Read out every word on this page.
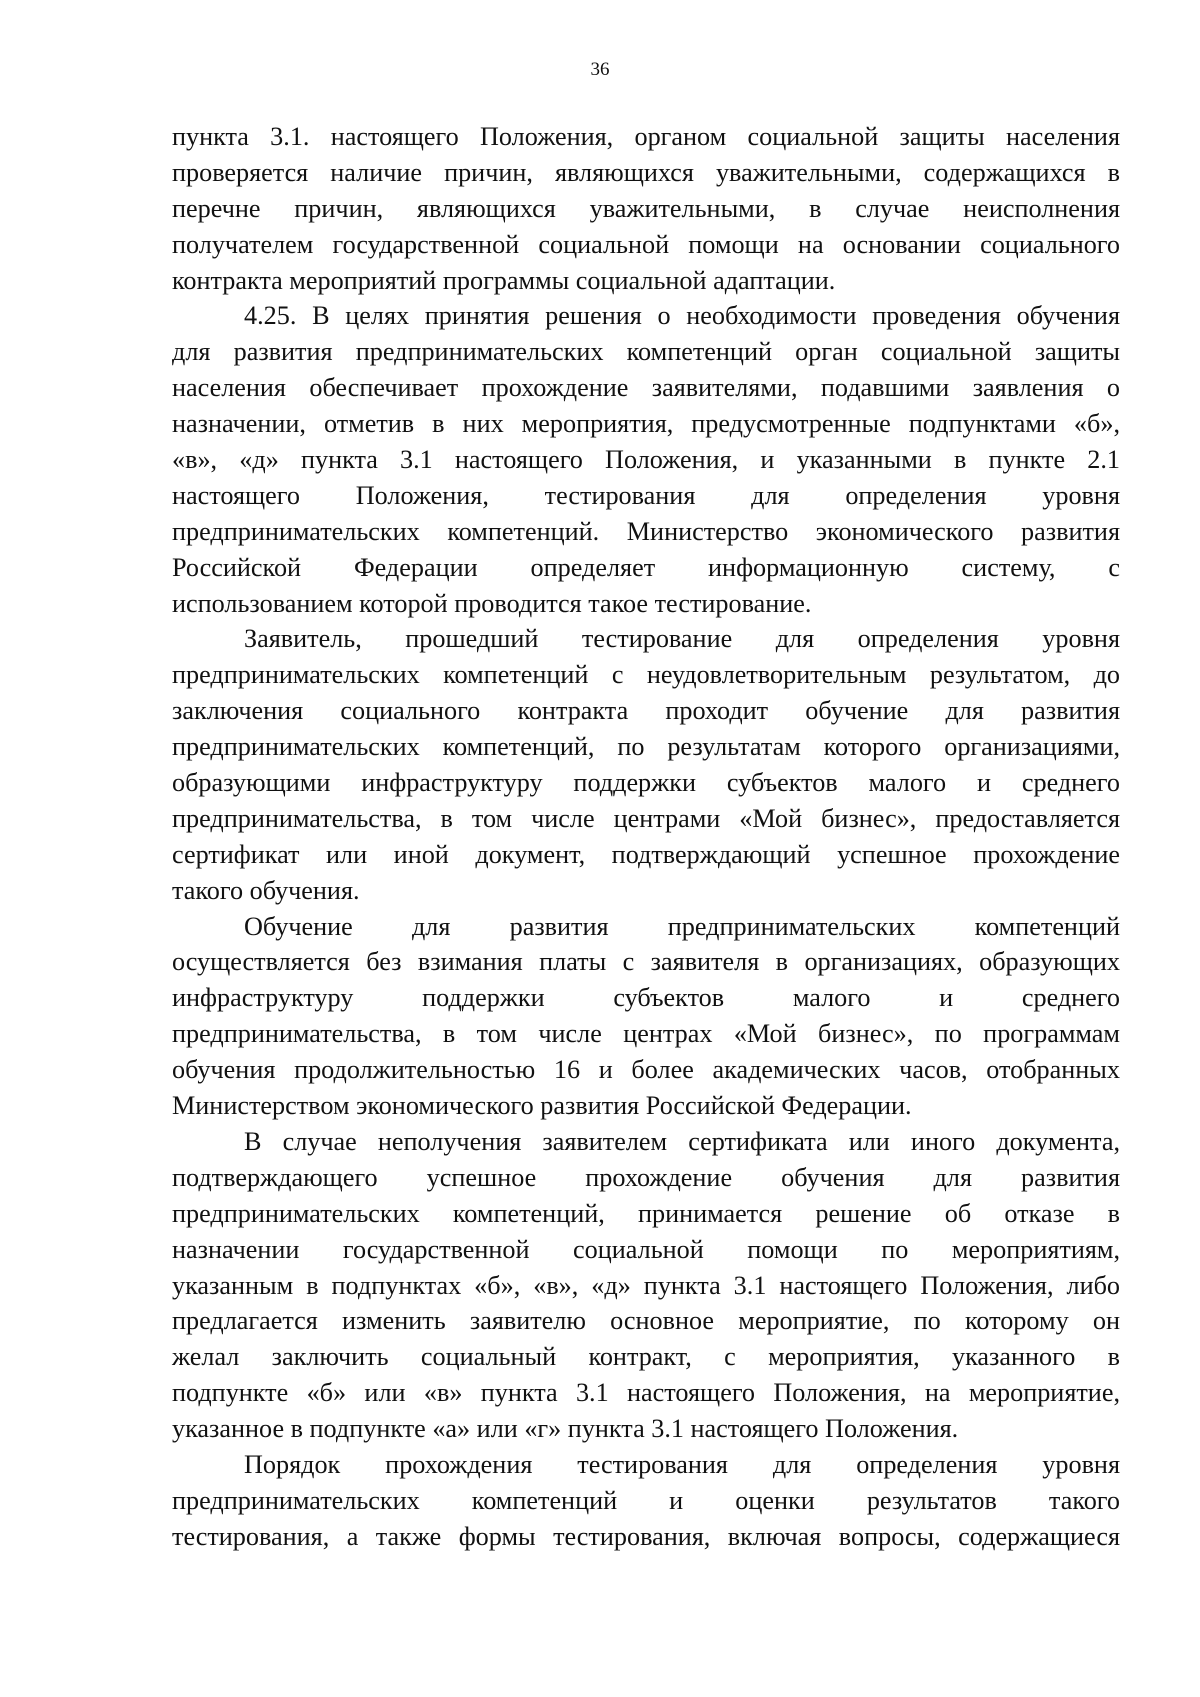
36
пункта 3.1. настоящего Положения, органом социальной защиты населения
проверяется наличие причин, являющихся уважительными, содержащихся в
перечне причин, являющихся уважительными, в случае неисполнения
получателем государственной социальной помощи на основании социального
контракта мероприятий программы социальной адаптации.
4.25. В целях принятия решения о необходимости проведения обучения
для развития предпринимательских компетенций орган социальной защиты
населения обеспечивает прохождение заявителями, подавшими заявления о
назначении, отметив в них мероприятия, предусмотренные подпунктами «б»,
«в», «д» пункта 3.1 настоящего Положения, и указанными в пункте 2.1
настоящего Положения, тестирования для определения уровня
предпринимательских компетенций. Министерство экономического развития
Российской Федерации определяет информационную систему, с
использованием которой проводится такое тестирование.
Заявитель, прошедший тестирование для определения уровня
предпринимательских компетенций с неудовлетворительным результатом, до
заключения социального контракта проходит обучение для развития
предпринимательских компетенций, по результатам которого организациями,
образующими инфраструктуру поддержки субъектов малого и среднего
предпринимательства, в том числе центрами «Мой бизнес», предоставляется
сертификат или иной документ, подтверждающий успешное прохождение
такого обучения.
Обучение для развития предпринимательских компетенций
осуществляется без взимания платы с заявителя в организациях, образующих
инфраструктуру поддержки субъектов малого и среднего
предпринимательства, в том числе центрах «Мой бизнес», по программам
обучения продолжительностью 16 и более академических часов, отобранных
Министерством экономического развития Российской Федерации.
В случае неполучения заявителем сертификата или иного документа,
подтверждающего успешное прохождение обучения для развития
предпринимательских компетенций, принимается решение об отказе в
назначении государственной социальной помощи по мероприятиям,
указанным в подпунктах «б», «в», «д» пункта 3.1 настоящего Положения, либо
предлагается изменить заявителю основное мероприятие, по которому он
желал заключить социальный контракт, с мероприятия, указанного в
подпункте «б» или «в» пункта 3.1 настоящего Положения, на мероприятие,
указанное в подпункте «а» или «г» пункта 3.1 настоящего Положения.
Порядок прохождения тестирования для определения уровня
предпринимательских компетенций и оценки результатов такого
тестирования, а также формы тестирования, включая вопросы, содержащиеся
